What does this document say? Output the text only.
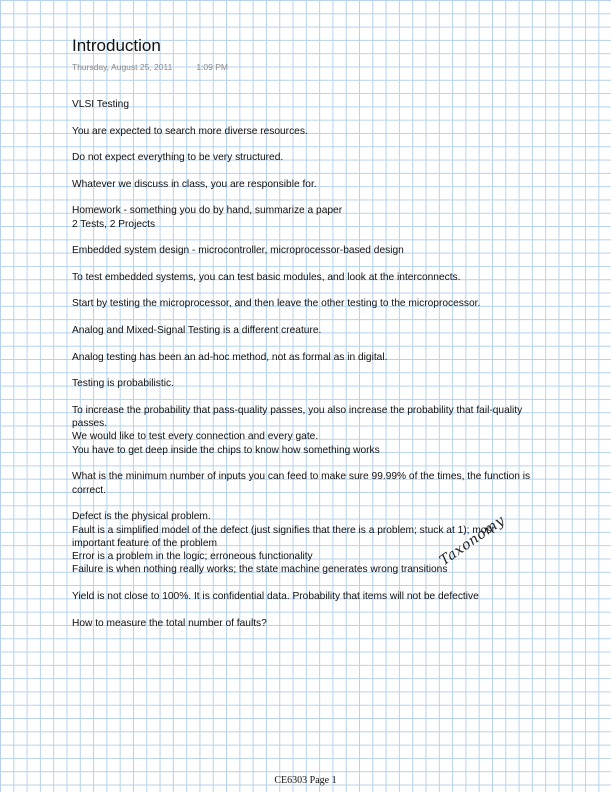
Introduction
Thursday, August 25, 2011	1:09 PM
VLSI Testing
You are expected to search more diverse resources.
Do not expect everything to be very structured.
Whatever we discuss in class, you are responsible for.
Homework - something you do by hand, summarize a paper
2 Tests, 2 Projects
Embedded system design - microcontroller, microprocessor-based design
To test embedded systems, you can test basic modules, and look at the interconnects.
Start by testing the microprocessor, and then leave the other testing to the microprocessor.
Analog and Mixed-Signal Testing is a different creature.
Analog testing has been an ad-hoc method, not as formal as in digital.
Testing is probabilistic.
To increase the probability that pass-quality passes, you also increase the probability that fail-quality
passes.
We would like to test every connection and every gate.
You have to get deep inside the chips to know how something works
What is the minimum number of inputs you can feed to make sure 99.99% of the times, the function is
correct.
Defect is the physical problem.
Fault is a simplified model of the defect (just signifies that there is a problem; stuck at 1); most
important feature of the problem
Error is a problem in the logic; erroneous functionality
Failure is when nothing really works; the state machine generates wrong transitions
Yield is not close to 100%. It is confidential data. Probability that items will not be defective
How to measure the total number of faults?
Taxonomy
CE6303 Page 1
